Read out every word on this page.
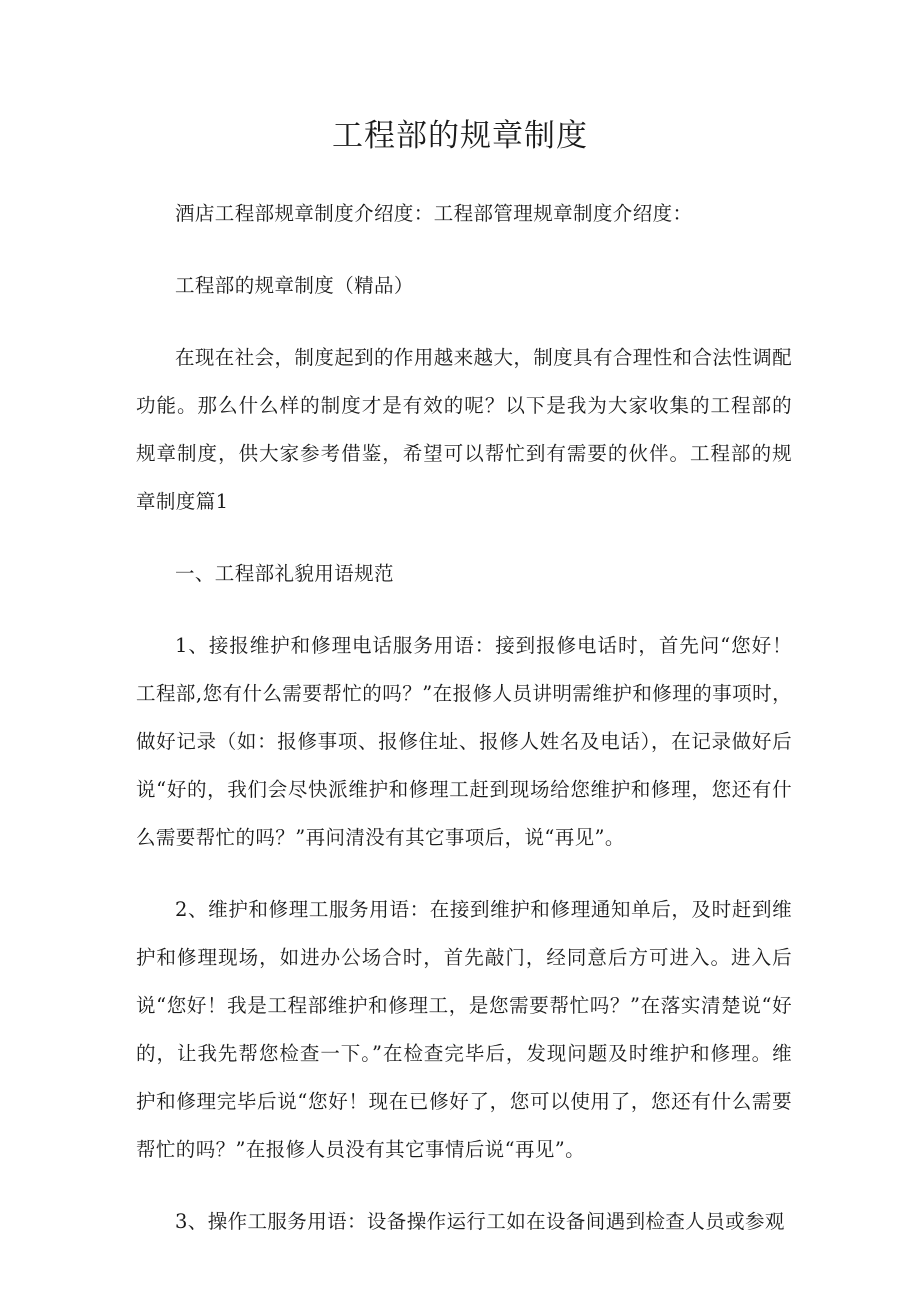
工程部的规章制度

酒店工程部规章制度介绍度：工程部管理规章制度介绍度：

工程部的规章制度（精品）

在现在社会，制度起到的作用越来越大，制度具有合理性和合法性调配功能。那么什么样的制度才是有效的呢？以下是我为大家收集的工程部的规章制度，供大家参考借鉴，希望可以帮忙到有需要的伙伴。工程部的规章制度篇1

一、工程部礼貌用语规范

1、接报维护和修理电话服务用语：接到报修电话时，首先问“您好！工程部,您有什么需要帮忙的吗？”在报修人员讲明需维护和修理的事项时，做好记录（如：报修事项、报修住址、报修人姓名及电话），在记录做好后说“好的，我们会尽快派维护和修理工赶到现场给您维护和修理，您还有什么需要帮忙的吗？”再问清没有其它事项后，说“再见”。

2、维护和修理工服务用语：在接到维护和修理通知单后，及时赶到维护和修理现场，如进办公场合时，首先敲门，经同意后方可进入。进入后说“您好！我是工程部维护和修理工，是您需要帮忙吗？”在落实清楚说“好的，让我先帮您检查一下。”在检查完毕后，发现问题及时维护和修理。维护和修理完毕后说“您好！现在已修好了，您可以使用了，您还有什么需要帮忙的吗？”在报修人员没有其它事情后说“再见”。

3、操作工服务用语：设备操作运行工如在设备间遇到检查人员或参观
